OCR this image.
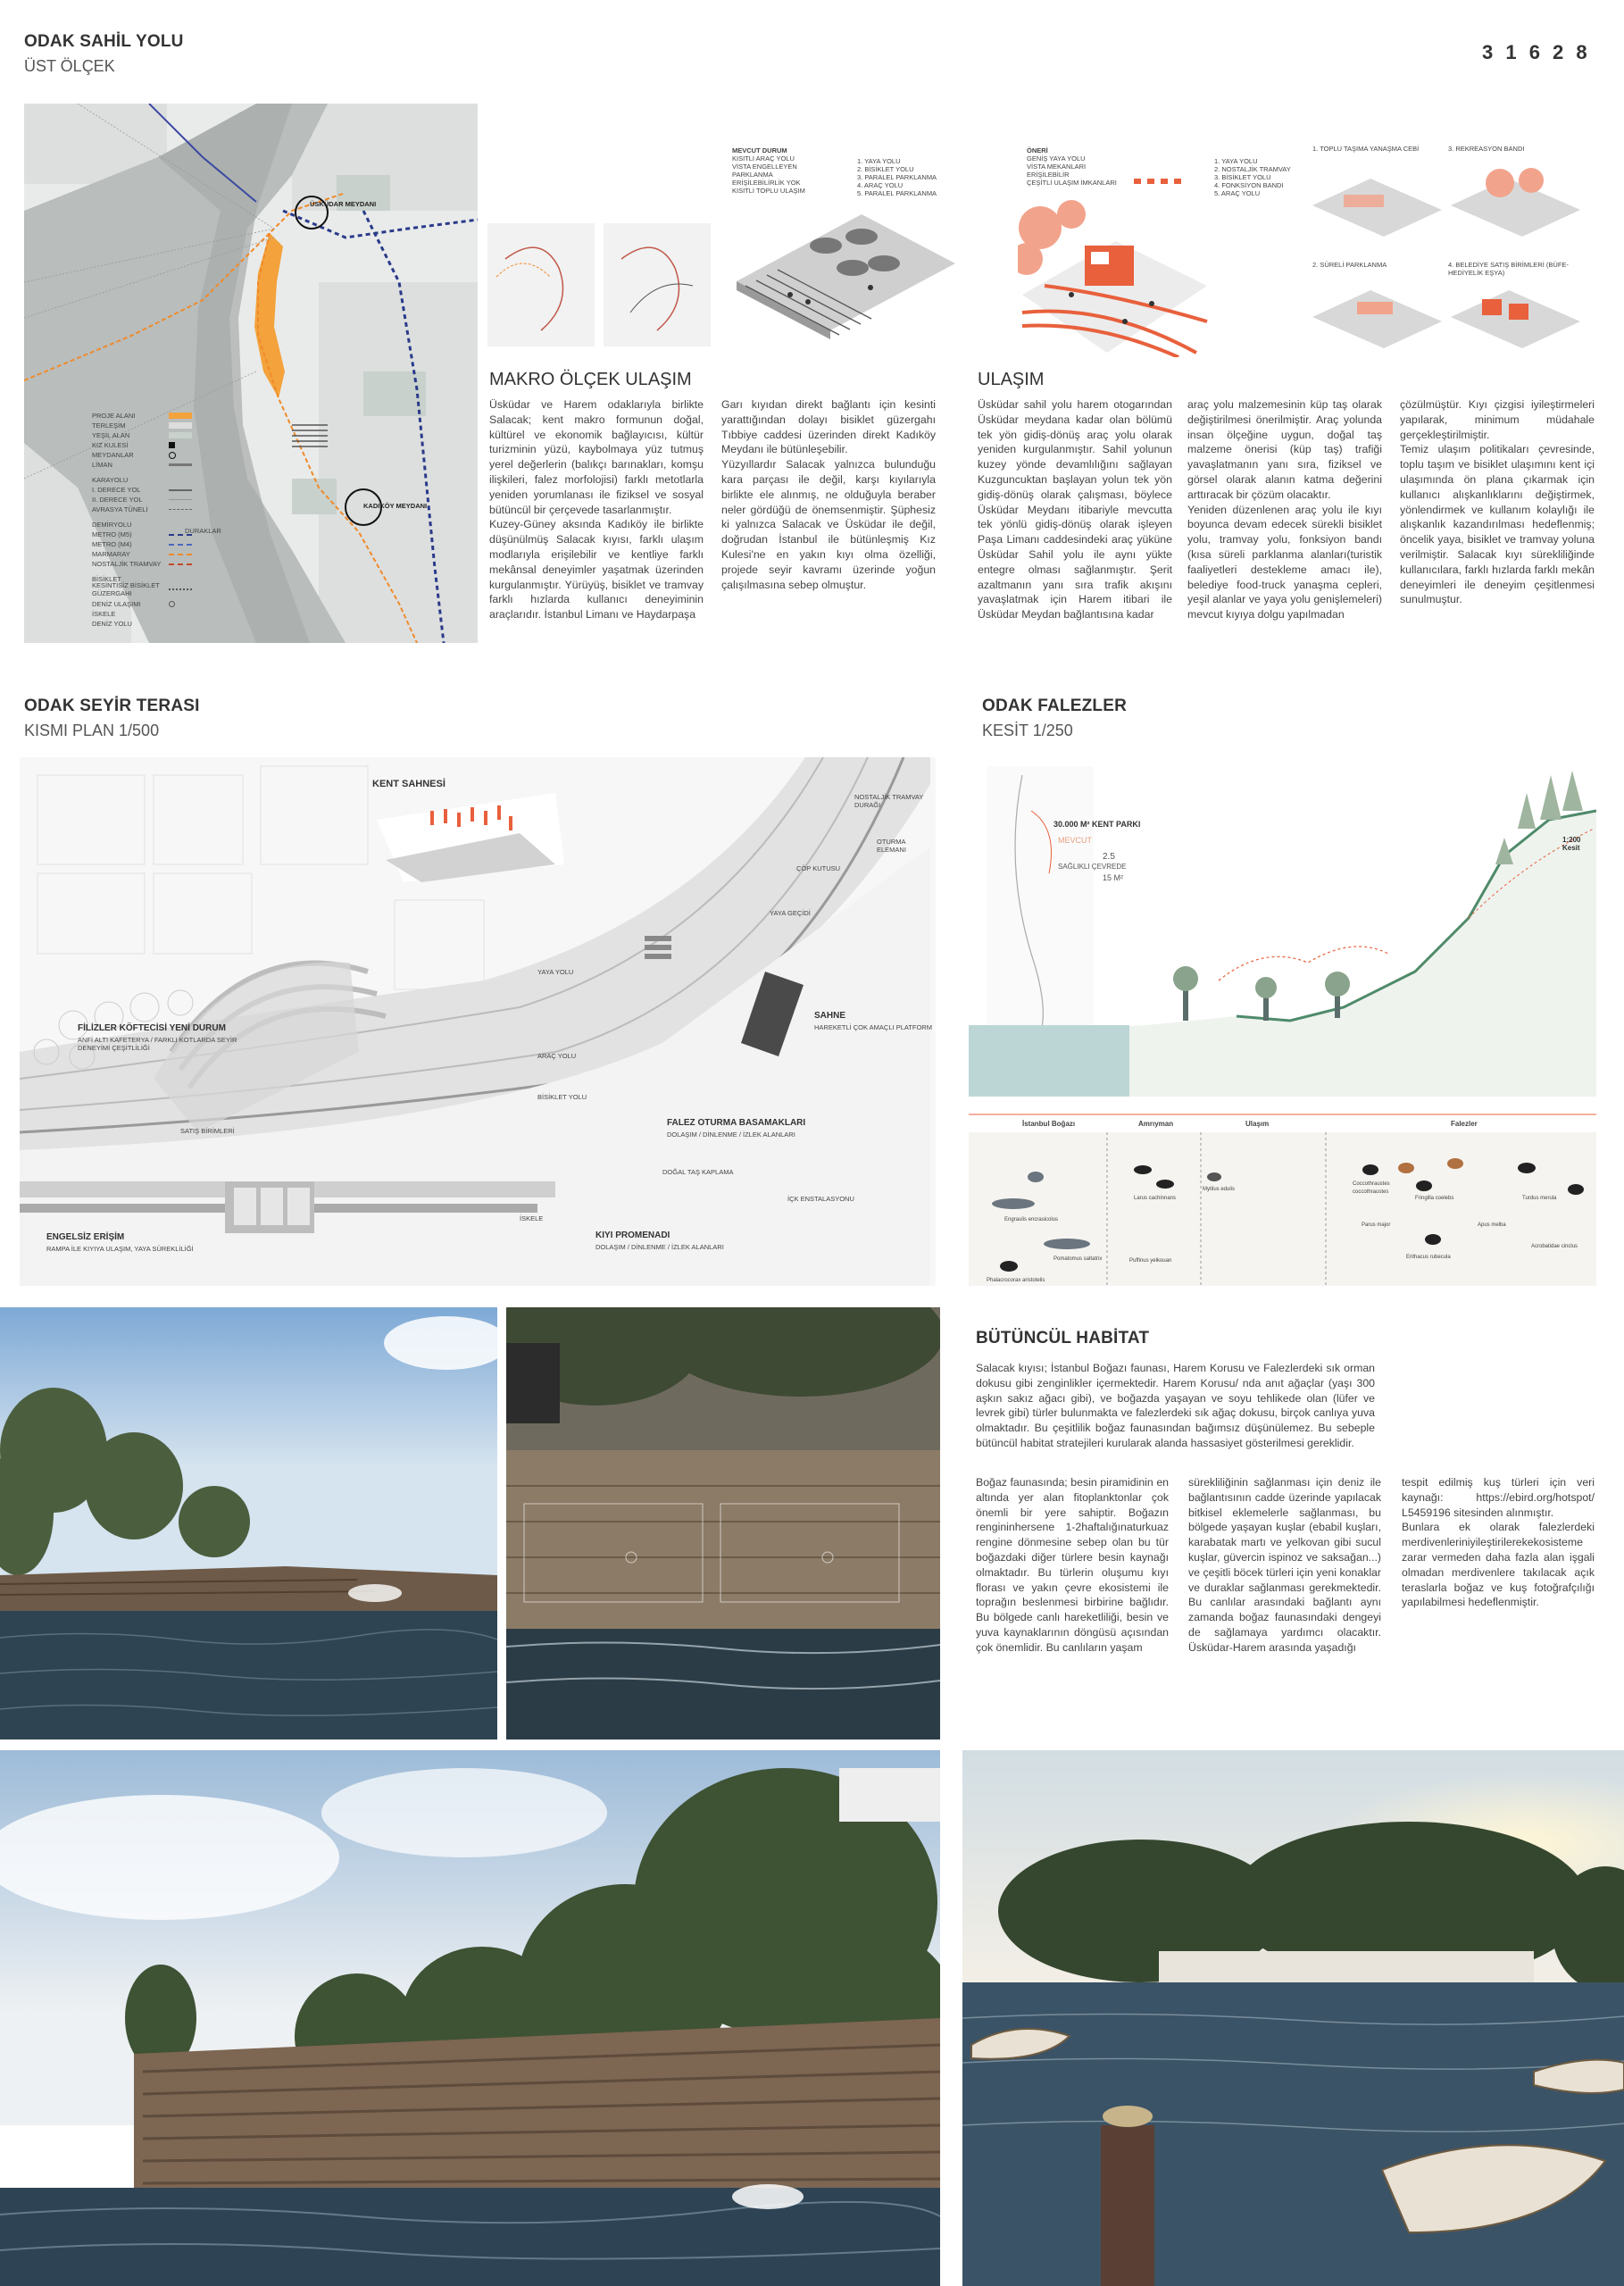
ODAK SAHİL YOLU
ÜST ÖLÇEK
3 1 6 2 8
ÜSKÜDAR MEYDANI
KADIKÖY MEYDANI
PROJE ALANI
TERLEŞİM
YEŞİL ALAN
KIZ KULESİ
MEYDANLAR
LİMAN
KARAYOLU
I. DERECE YOL
II. DERECE YOL
AVRASYA TÜNELİ
DEMİRYOLU
METRO (M5)
METRO (M4)
MARMARAY
NOSTALJİK TRAMVAY
BİSİKLET
KESİNTİSİZ BİSİKLET GÜZERGAHI
DENİZ ULAŞIMI
İSKELE
DENİZ YOLU
DURAKLAR
MEVCUT DURUM
KISITLI ARAÇ YOLU
VİSTA ENGELLEYEN PARKLANMA
ERİŞİLEBİLİRLİK YOK
KISITLI TOPLU ULAŞIM
1. YAYA YOLU
2. BİSİKLET YOLU
3. PARALEL PARKLANMA
4. ARAÇ YOLU
5. PARALEL PARKLANMA
ÖNERİ
GENİŞ YAYA YOLU
VİSTA MEKANLARI
ERİŞİLEBİLİR
ÇEŞİTLİ ULAŞIM İMKANLARI
1. YAYA YOLU
2. NOSTALJİK TRAMVAY
3. BİSİKLET YOLU
4. FONKSİYON BANDI
5. ARAÇ YOLU
1. TOPLU TAŞIMA YANAŞMA CEBİ	3. REKREASYON BANDI
2. SÜRELİ PARKLANMA	4. BELEDİYE SATIŞ BİRİMLERİ (BÜFE-HEDİYELİK EŞYA)
MAKRO ÖLÇEK ULAŞIM
Üsküdar ve Harem odaklarıyla birlikte Salacak; kent makro formunun doğal, kültürel ve ekonomik bağlayıcısı, kültür turizminin yüzü, kaybolmaya yüz tutmuş yerel değerlerin (balıkçı barınakları, komşu ilişkileri, falez morfolojisi) farklı metotlarla yeniden yorumlanası ile fiziksel ve sosyal bütüncül bir çerçevede tasarlanmıştır.
Kuzey-Güney aksında Kadıköy ile birlikte düşünülmüş Salacak kıyısı, farklı ulaşım modlarıyla erişilebilir ve kentliye farklı mekânsal deneyimler yaşatmak üzerinden kurgulanmıştır. Yürüyüş, bisiklet ve tramvay farklı hızlarda kullanıcı deneyiminin araçlarıdır. İstanbul Limanı ve Haydarpaşa
Garı kıyıdan direkt bağlantı için kesinti yarattığından dolayı bisiklet güzergahı Tıbbiye caddesi üzerinden direkt Kadıköy Meydanı ile bütünleşebilir.
Yüzyıllardır Salacak yalnızca bulunduğu kara parçası ile değil, karşı kıyılarıyla birlikte ele alınmış, ne olduğuyla beraber neler gördüğü de önemsenmiştir. Şüphesiz ki yalnızca Salacak ve Üsküdar ile değil, doğrudan İstanbul ile bütünleşmiş Kız Kulesi'ne en yakın kıyı olma özelliği, projede seyir kavramı üzerinde yoğun çalışılmasına sebep olmuştur.
ULAŞIM
Üsküdar sahil yolu harem otogarından Üsküdar meydana kadar olan bölümü tek yön gidiş-dönüş araç yolu olarak yeniden kurgulanmıştır. Sahil yolunun kuzey yönde devamlılığını sağlayan Kuzguncuktan başlayan yolun tek yön gidiş-dönüş olarak çalışması, böylece Üsküdar Meydanı itibariyle mevcutta tek yönlü gidiş-dönüş olarak işleyen Paşa Limanı caddesindeki araç yüküne Üsküdar Sahil yolu ile aynı yükte entegre olması sağlanmıştır. Şerit azaltmanın yanı sıra trafik akışını yavaşlatmak için Harem itibari ile Üsküdar Meydan bağlantısına kadar
araç yolu malzemesinin küp taş olarak değiştirilmesi önerilmiştir. Araç yolunda insan ölçeğine uygun, doğal taş malzeme önerisi (küp taş) trafiği yavaşlatmanın yanı sıra, fiziksel ve görsel olarak alanın katma değerini arttıracak bir çözüm olacaktır.
Yeniden düzenlenen araç yolu ile kıyı boyunca devam edecek sürekli bisiklet yolu, tramvay yolu, fonksiyon bandı (kısa süreli parklanma alanları(turistik faaliyetleri destekleme amacı ile), belediye food-truck yanaşma cepleri, yeşil alanlar ve yaya yolu genişlemeleri) mevcut kıyıya dolgu yapılmadan
çözülmüştür. Kıyı çizgisi iyileştirmeleri yapılarak, minimum müdahale gerçekleştirilmiştir.
Temiz ulaşım politikaları çevresinde, toplu taşım ve bisiklet ulaşımını kent içi ulaşımında ön plana çıkarmak için kullanıcı alışkanlıklarını değiştirmek, yönlendirmek ve kullanım kolaylığı ile alışkanlık kazandırılması hedeflenmiş; öncelik yaya, bisiklet ve tramvay yoluna verilmiştir. Salacak kıyı sürekliliğinde kullanıcılara, farklı hızlarda farklı mekân deneyimleri ile deneyim çeşitlenmesi sunulmuştur.
ODAK SEYİR TERASI
KISMI PLAN 1/500
KENT SAHNESİ
FİLİZLER KÖFTECİSİ YENİ DURUM
ANFİ ALTI KAFETERYA / FARKLI KOTLARDA SEYİR DENEYİMİ ÇEŞİTLİLİĞİ
SAHNE
HAREKETLİ ÇOK AMAÇLI PLATFORM
FALEZ OTURMA BASAMAKLARI
DOLAŞIM / DİNLENME / İZLEK ALANLARI
ENGELSİZ ERİŞİM
RAMPA İLE KIYIYA ULAŞIM, YAYA SÜREKLİLİĞİ
KIYI PROMENADI
DOLAŞIM / DİNLENME / İZLEK ALANLARI
NOSTALJİK TRAMVAY DURAĞI
OTURMA ELEMANI
ÇÖP KUTUSU
YAYA GEÇİDİ
BİSİKLET YOLU
YAYA YOLU
DOĞAL TAŞ KAPLAMA
ARAÇ YOLU
SATIŞ BİRİMLERİ
İSKELE
İÇK ENSTALASYONU
ODAK FALEZLER
KESİT 1/250
30.000 M² KENT PARKI
MEVCUT
2.5
SAĞLIKLI ÇEVREDE
15 M²
1:200 Kesit
İstanbul Boğazı	Amrıyman	Ulaşım	Falezler
Engraulis encrasicolus
Pomatomus saltatrix
Larus cachinnans
Phalacrocorax aristotelis
Puffinus yelkouan
Mytilus edulis
Coccothraustes coccothraustes
Fringilla coelebs
Parus major	Apus melba
Turdus merula
Erithacus rubecula
Acrobatidae cinclus
BÜTÜNCÜL HABİTAT
Salacak kıyısı; İstanbul Boğazı faunası, Harem Korusu ve Falezlerdeki sık orman dokusu gibi zenginlikler içermektedir. Harem Korusu/ nda anıt ağaçlar (yaşı 300 aşkın sakız ağacı gibi), ve boğazda yaşayan ve soyu tehlikede olan (lüfer ve levrek gibi) türler bulunmakta ve falezlerdeki sık ağaç dokusu, birçok canlıya yuva olmaktadır. Bu çeşitlilik boğaz faunasından bağımsız düşünülemez. Bu sebeple bütüncül habitat stratejileri kurularak alanda hassasiyet gösterilmesi gereklidir.
Boğaz faunasında; besin piramidinin en altında yer alan fitoplanktonlar çok önemli bir yere sahiptir. Boğazın rengininhersene 1-2haftalığınaturkuaz rengine dönmesine sebep olan bu tür boğazdaki diğer türlere besin kaynağı olmaktadır. Bu türlerin oluşumu kıyı florası ve yakın çevre ekosistemi ile toprağın beslenmesi birbirine bağlıdır. Bu bölgede canlı hareketliliği, besin ve yuva kaynaklarının döngüsü açısından çok önemlidir. Bu canlıların yaşam
sürekliliğinin sağlanması için deniz ile bağlantısının cadde üzerinde yapılacak bitkisel eklemelerle sağlanması, bu bölgede yaşayan kuşlar (ebabil kuşları, karabatak martı ve yelkovan gibi sucul kuşlar, güvercin ispinoz ve saksağan...) ve çeşitli böcek türleri için yeni konaklar ve duraklar sağlanması gerekmektedir. Bu canlılar arasındaki bağlantı aynı zamanda boğaz faunasındaki dengeyi de sağlamaya yardımcı olacaktır. Üsküdar-Harem arasında yaşadığı
tespit edilmiş kuş türleri için veri kaynağı: https://ebird.org/hotspot/ L5459196 sitesinden alınmıştır.
Bunlara ek olarak falezlerdeki merdivenleriniyileştirilerekekosisteme zarar vermeden daha fazla alan işgali olmadan merdivenlere takılacak açık teraslarla boğaz ve kuş fotoğrafçılığı yapılabilmesi hedeflenmiştir.
